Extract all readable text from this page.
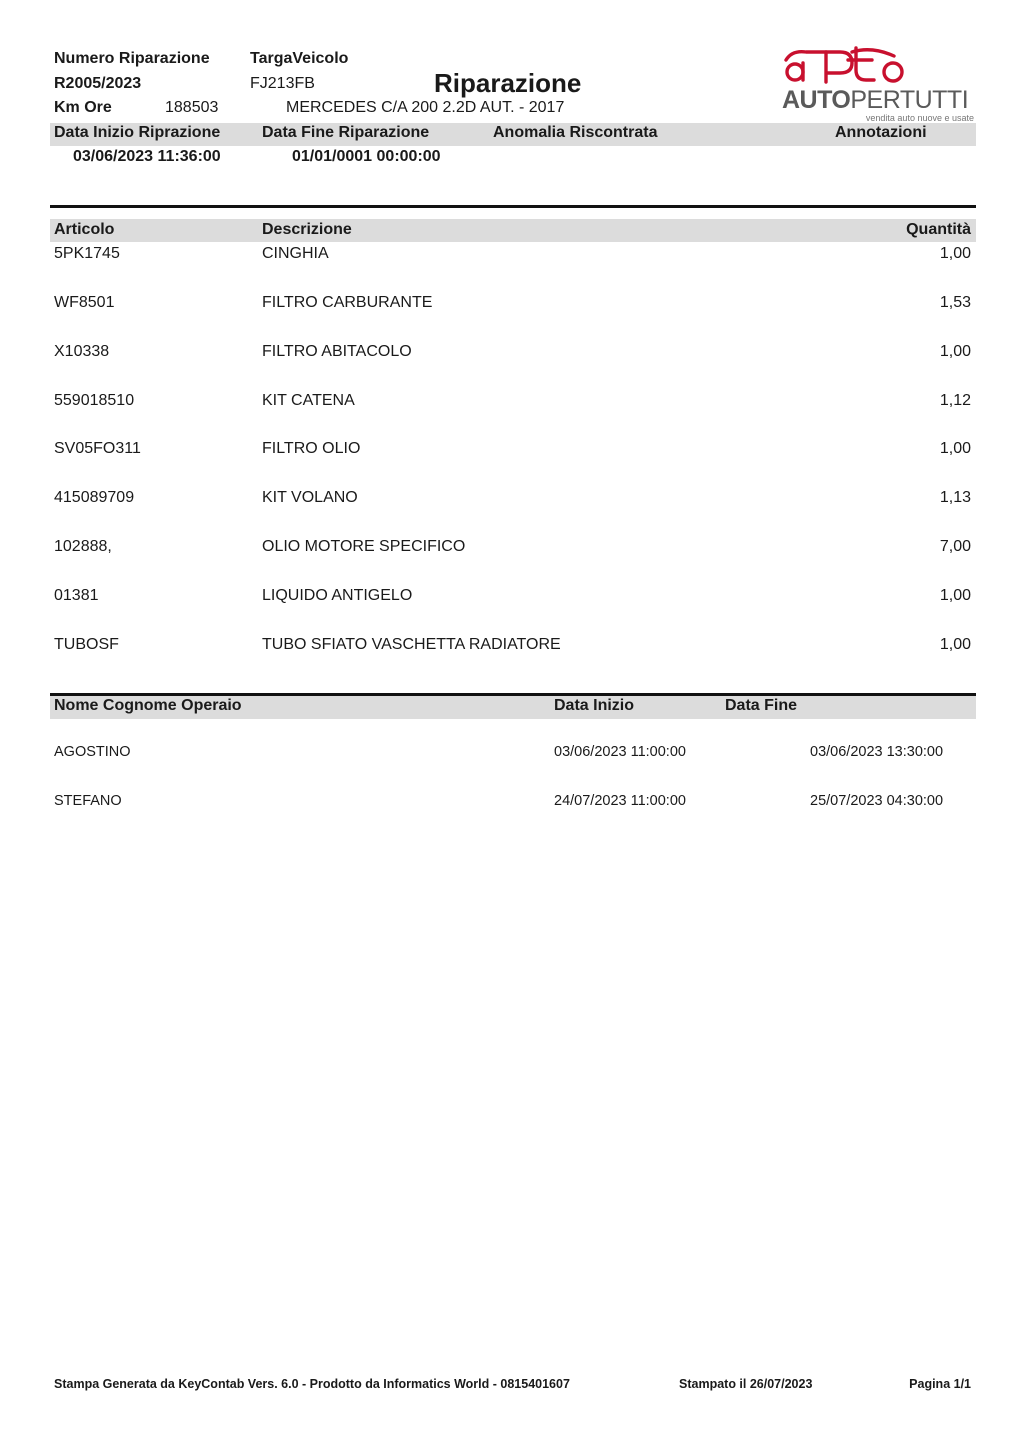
Numero Riparazione
R2005/2023
Km Ore	188503
TargaVeicolo
FJ213FB	Riparazione
MERCEDES C/A 200 2.2D AUT. - 2017	AUTOPERTUTTI
vendita auto nuove e usate
Data Inizio Riprazione	Data Fine Riparazione	Anomalia Riscontrata	Annotazioni
03/06/2023 11:36:00	01/01/0001 00:00:00
Articolo	Descrizione	Quantità
5PK1745	CINGHIA	1,00
WF8501	FILTRO CARBURANTE	1,53
X10338	FILTRO ABITACOLO	1,00
559018510	KIT CATENA	1,12
SV05FO311	FILTRO OLIO	1,00
415089709	KIT VOLANO	1,13
102888,	OLIO MOTORE SPECIFICO	7,00
01381	LIQUIDO ANTIGELO	1,00
TUBOSF	TUBO SFIATO VASCHETTA RADIATORE	1,00
Nome Cognome Operaio	Data Inizio	Data Fine
AGOSTINO	03/06/2023 11:00:00	03/06/2023 13:30:00
STEFANO	24/07/2023 11:00:00	25/07/2023 04:30:00
Stampa Generata da KeyContab Vers. 6.0 - Prodotto da Informatics World - 0815401607	Stampato il 26/07/2023	Pagina 1/1
